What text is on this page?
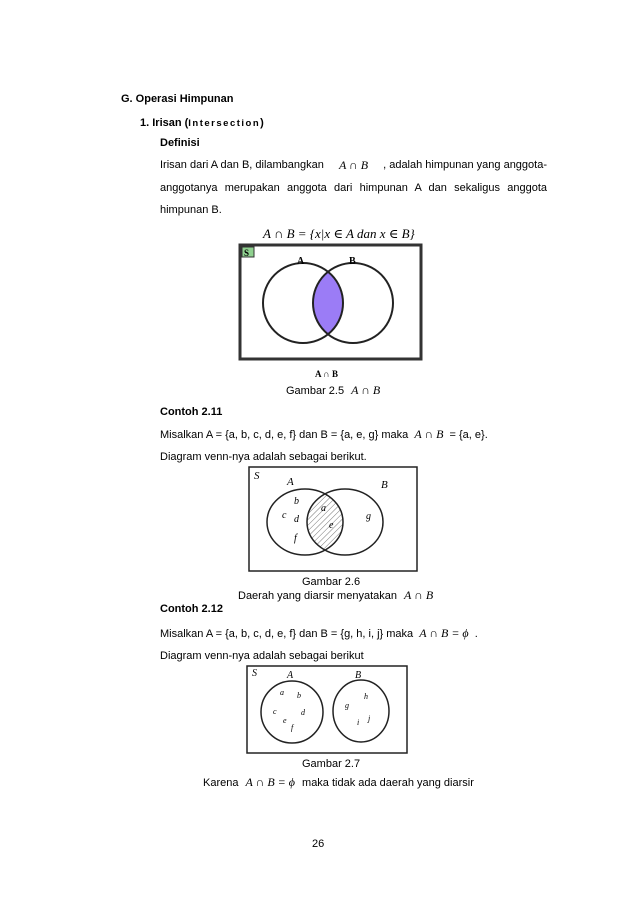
G. Operasi Himpunan
1. Irisan (Intersection)
Definisi
Irisan dari A dan B, dilambangkan A ∩ B , adalah himpunan yang anggota-
anggotanya merupakan anggota dari himpunan A dan sekaligus anggota
himpunan B.
A ∩ B = {x|x ∈ A dan x ∈ B}
S
A	B
A ∩ B
Gambar 2.5 A ∩ B
Contoh 2.11
Misalkan A = {a, b, c, d, e, f} dan B = {a, e, g} maka A ∩ B = {a, e}.
Diagram venn-nya adalah sebagai berikut.
S	A	B
b
c d
f
a
e
g
Gambar 2.6
Daerah yang diarsir menyatakan A ∩ B
Contoh 2.12
Misalkan A = {a, b, c, d, e, f} dan B = {g, h, i, j} maka A ∩ B = ϕ .
Diagram venn-nya adalah sebagai berikut
S	A	B
a b
c	d
e
f
h
g
j
i
Gambar 2.7
Karena A ∩ B = ϕ maka tidak ada daerah yang diarsir
26
